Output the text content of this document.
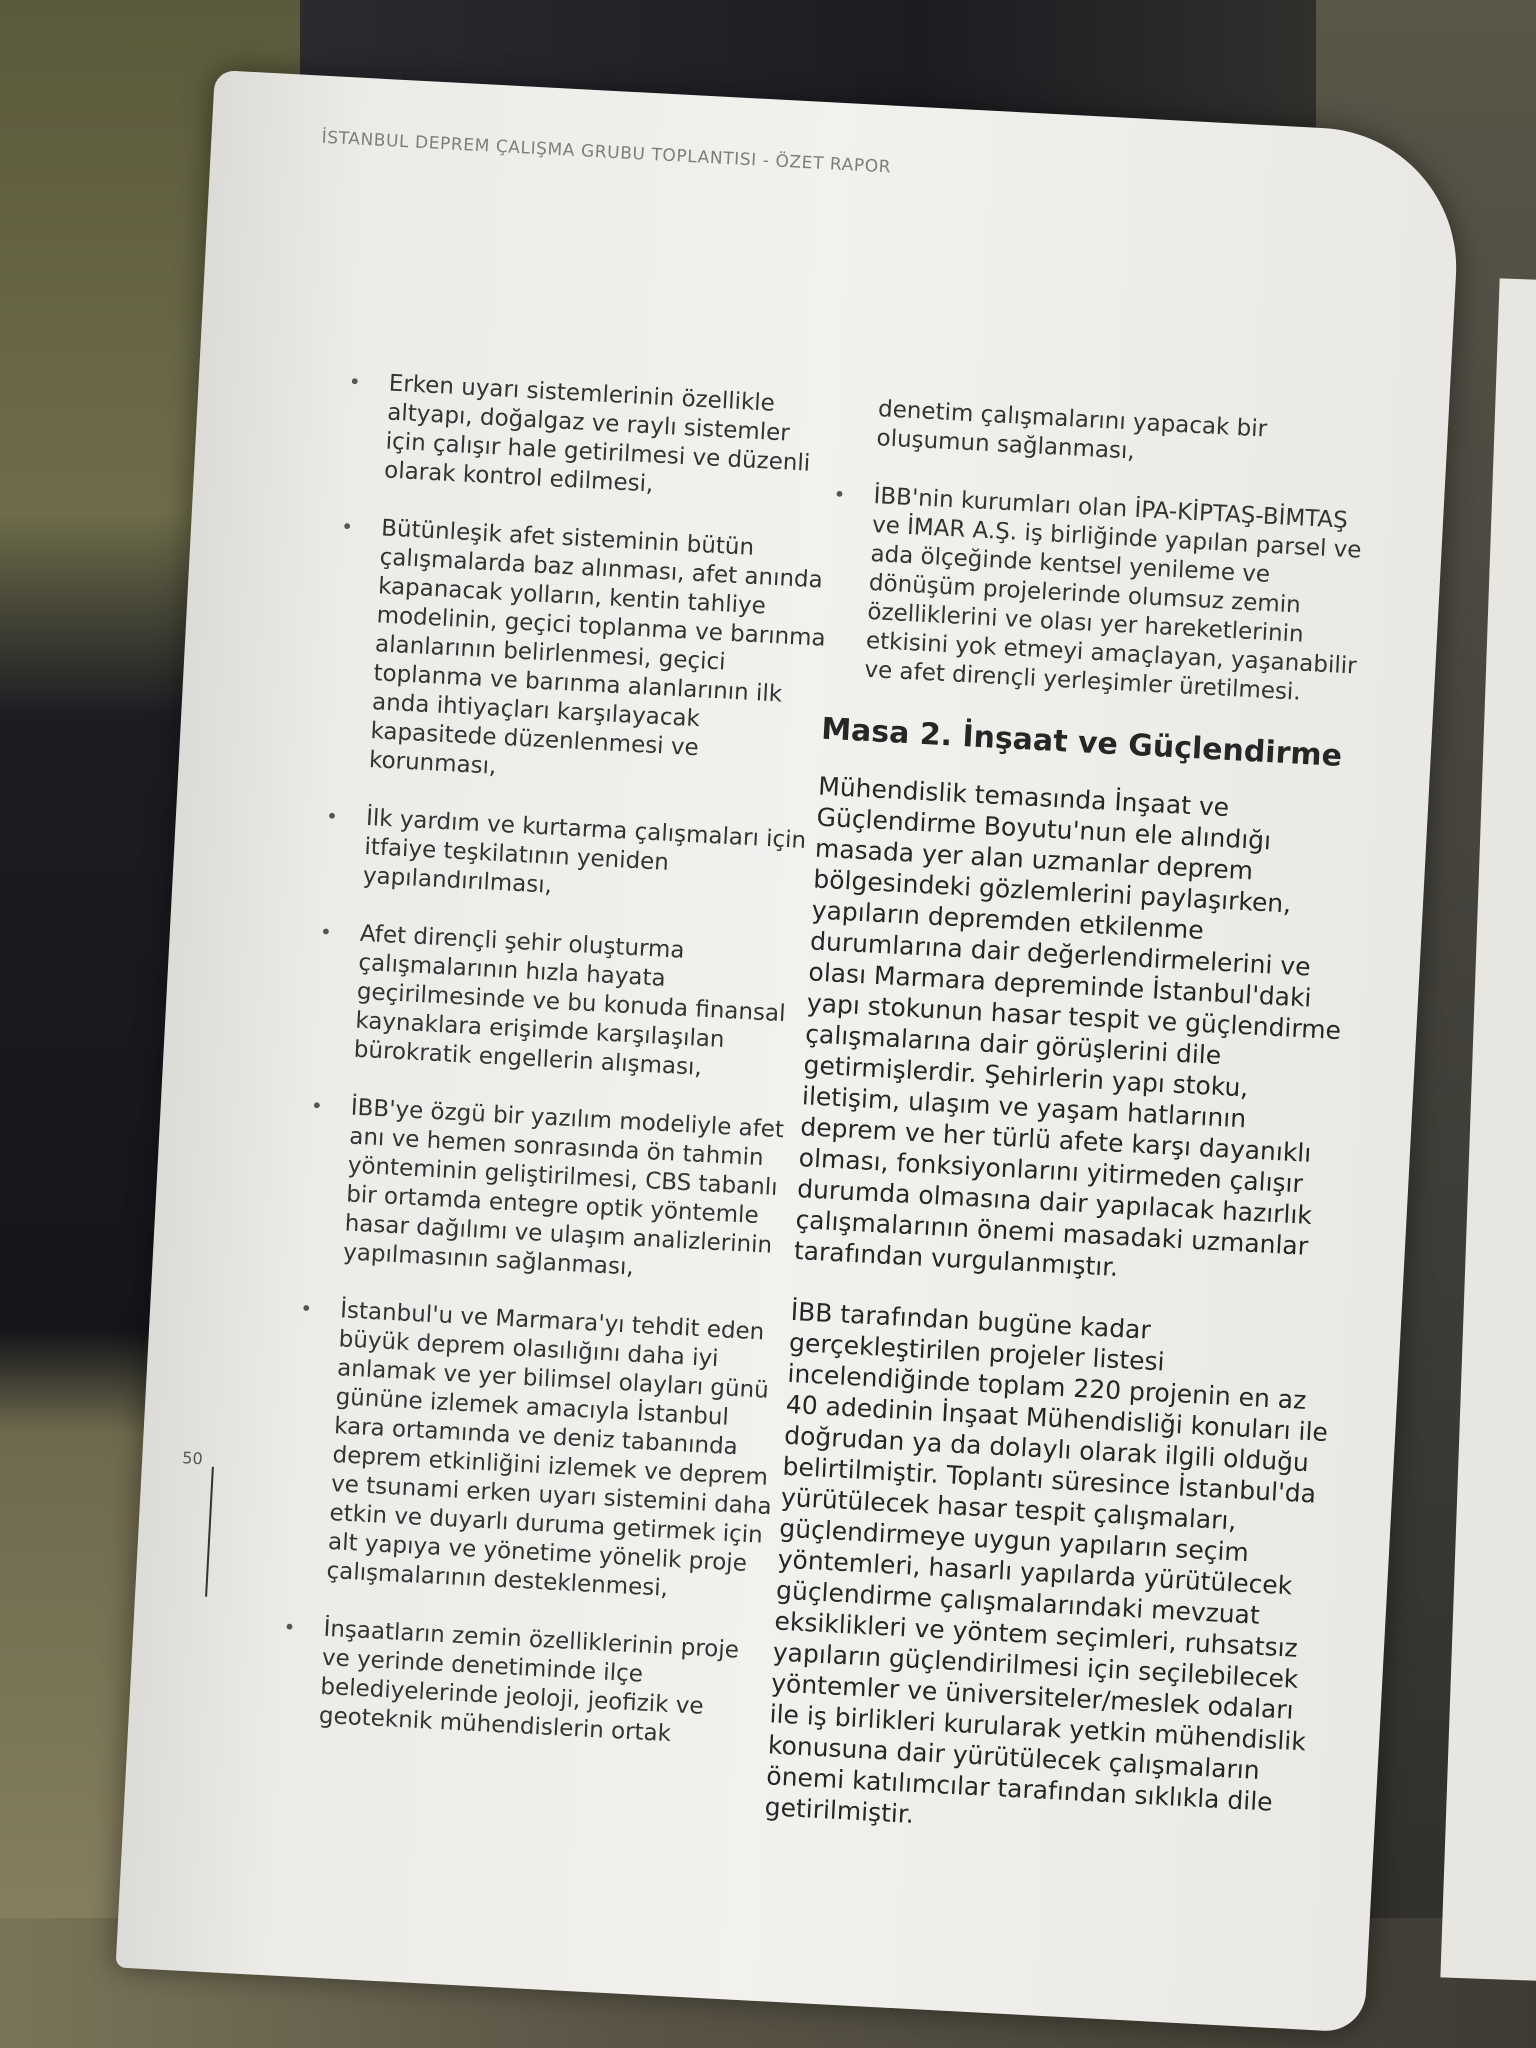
İSTANBUL DEPREM ÇALIŞMA GRUBU TOPLANTISI - ÖZET RAPOR
• Erken uyarı sistemlerinin özellikle altyapı, doğalgaz ve raylı sistemler için çalışır hale getirilmesi ve düzenli olarak kontrol edilmesi,
• Bütünleşik afet sisteminin bütün çalışmalarda baz alınması, afet anında kapanacak yolların, kentin tahliye modelinin, geçici toplanma ve barınma alanlarının belirlenmesi, geçici toplanma ve barınma alanlarının ilk anda ihtiyaçları karşılayacak kapasitede düzenlenmesi ve korunması,
• İlk yardım ve kurtarma çalışmaları için itfaiye teşkilatının yeniden yapılandırılması,
• Afet dirençli şehir oluşturma çalışmalarının hızla hayata geçirilmesinde ve bu konuda finansal kaynaklara erişimde karşılaşılan bürokratik engellerin alışması,
• İBB'ye özgü bir yazılım modeliyle afet anı ve hemen sonrasında ön tahmin yönteminin geliştirilmesi, CBS tabanlı bir ortamda entegre optik yöntemle hasar dağılımı ve ulaşım analizlerinin yapılmasının sağlanması,
• İstanbul'u ve Marmara'yı tehdit eden büyük deprem olasılığını daha iyi anlamak ve yer bilimsel olayları günü gününe izlemek amacıyla İstanbul kara ortamında ve deniz tabanında deprem etkinliğini izlemek ve deprem ve tsunami erken uyarı sistemini daha etkin ve duyarlı duruma getirmek için alt yapıya ve yönetime yönelik proje çalışmalarının desteklenmesi,
• İnşaatların zemin özelliklerinin proje ve yerinde denetiminde ilçe belediyelerinde jeoloji, jeofizik ve geoteknik mühendislerin ortak
denetim çalışmalarını yapacak bir oluşumun sağlanması,
• İBB'nin kurumları olan İPA-KİPTAŞ-BİMTAŞ ve İMAR A.Ş. iş birliğinde yapılan parsel ve ada ölçeğinde kentsel yenileme ve dönüşüm projelerinde olumsuz zemin özelliklerini ve olası yer hareketlerinin etkisini yok etmeyi amaçlayan, yaşanabilir ve afet dirençli yerleşimler üretilmesi.
Masa 2. İnşaat ve Güçlendirme

Mühendislik temasında İnşaat ve Güçlendirme Boyutu'nun ele alındığı masada yer alan uzmanlar deprem bölgesindeki gözlemlerini paylaşırken, yapıların depremden etkilenme durumlarına dair değerlendirmelerini ve olası Marmara depreminde İstanbul'daki yapı stokunun hasar tespit ve güçlendirme çalışmalarına dair görüşlerini dile getirmişlerdir. Şehirlerin yapı stoku, iletişim, ulaşım ve yaşam hatlarının deprem ve her türlü afete karşı dayanıklı olması, fonksiyonlarını yitirmeden çalışır durumda olmasına dair yapılacak hazırlık çalışmalarının önemi masadaki uzmanlar tarafından vurgulanmıştır.

İBB tarafından bugüne kadar gerçekleştirilen projeler listesi incelendiğinde toplam 220 projenin en az 40 adedinin İnşaat Mühendisliği konuları ile doğrudan ya da dolaylı olarak ilgili olduğu belirtilmiştir. Toplantı süresince İstanbul'da yürütülecek hasar tespit çalışmaları, güçlendirmeye uygun yapıların seçim yöntemleri, hasarlı yapılarda yürütülecek güçlendirme çalışmalarındaki mevzuat eksiklikleri ve yöntem seçimleri, ruhsatsız yapıların güçlendirilmesi için seçilebilecek yöntemler ve üniversiteler/meslek odaları ile iş birlikleri kurularak yetkin mühendislik konusuna dair yürütülecek çalışmaların önemi katılımcılar tarafından sıklıkla dile getirilmiştir.

50
